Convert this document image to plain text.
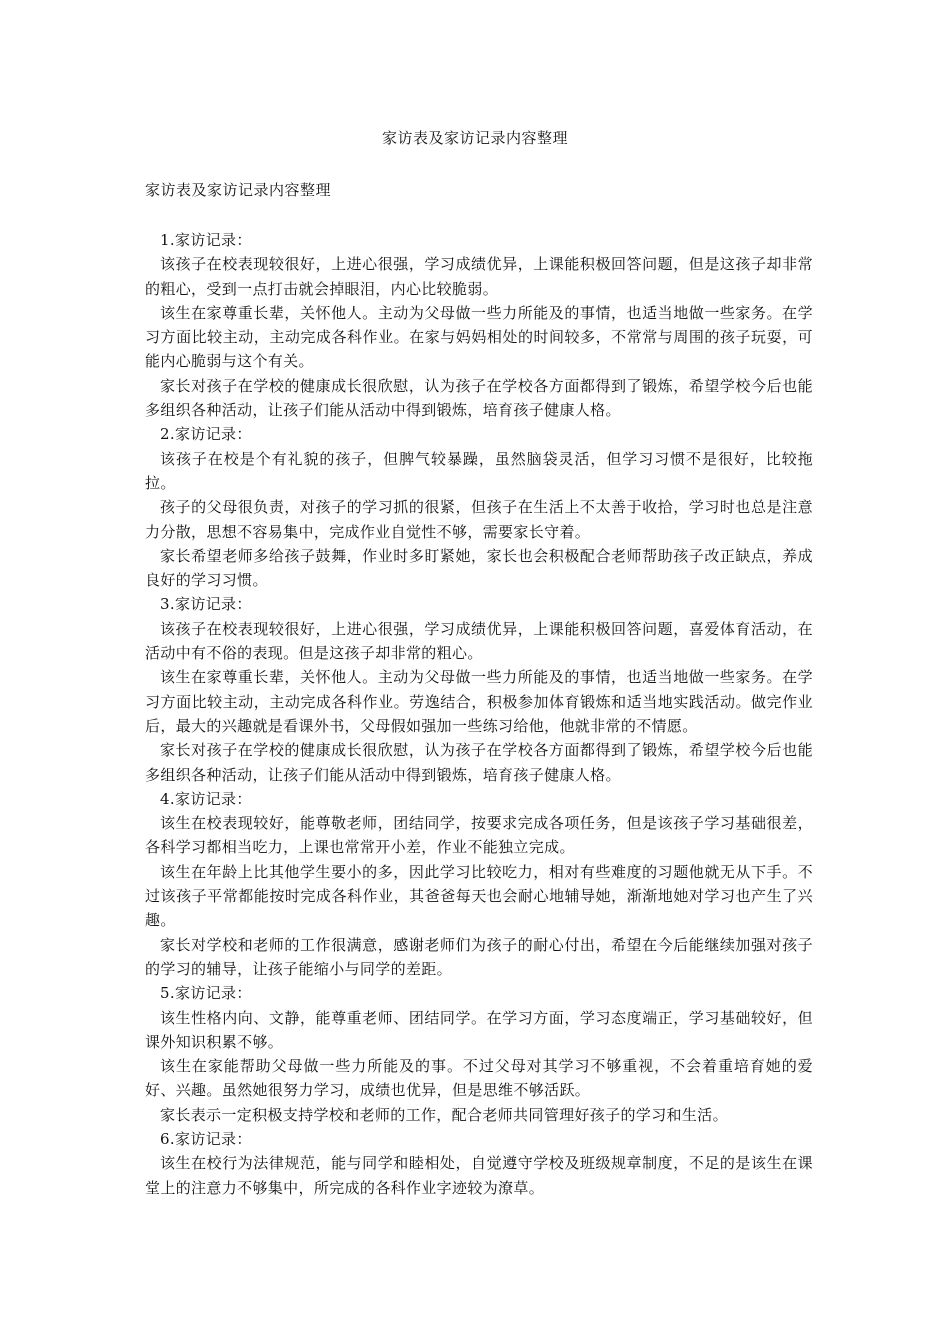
家访表及家访记录内容整理
家访表及家访记录内容整理

1.家访记录：

该孩子在校表现较很好，上进心很强，学习成绩优异，上课能积极回答问题，但是这孩子却非常的粗心，受到一点打击就会掉眼泪，内心比较脆弱。

该生在家尊重长辈，关怀他人。主动为父母做一些力所能及的事情，也适当地做一些家务。在学习方面比较主动，主动完成各科作业。在家与妈妈相处的时间较多，不常常与周围的孩子玩耍，可能内心脆弱与这个有关。

家长对孩子在学校的健康成长很欣慰，认为孩子在学校各方面都得到了锻炼，希望学校今后也能多组织各种活动，让孩子们能从活动中得到锻炼，培育孩子健康人格。

2.家访记录：

该孩子在校是个有礼貌的孩子，但脾气较暴躁，虽然脑袋灵活，但学习习惯不是很好，比较拖拉。

孩子的父母很负责，对孩子的学习抓的很紧，但孩子在生活上不太善于收拾，学习时也总是注意力分散，思想不容易集中，完成作业自觉性不够，需要家长守着。

家长希望老师多给孩子鼓舞，作业时多盯紧她，家长也会积极配合老师帮助孩子改正缺点，养成良好的学习习惯。

3.家访记录：

该孩子在校表现较很好，上进心很强，学习成绩优异，上课能积极回答问题，喜爱体育活动，在活动中有不俗的表现。但是这孩子却非常的粗心。

该生在家尊重长辈，关怀他人。主动为父母做一些力所能及的事情，也适当地做一些家务。在学习方面比较主动，主动完成各科作业。劳逸结合，积极参加体育锻炼和适当地实践活动。做完作业后，最大的兴趣就是看课外书，父母假如强加一些练习给他，他就非常的不情愿。

家长对孩子在学校的健康成长很欣慰，认为孩子在学校各方面都得到了锻炼，希望学校今后也能多组织各种活动，让孩子们能从活动中得到锻炼，培育孩子健康人格。

4.家访记录：

该生在校表现较好，能尊敬老师，团结同学，按要求完成各项任务，但是该孩子学习基础很差，各科学习都相当吃力，上课也常常开小差，作业不能独立完成。

该生在年龄上比其他学生要小的多，因此学习比较吃力，相对有些难度的习题他就无从下手。不过该孩子平常都能按时完成各科作业，其爸爸每天也会耐心地辅导她，渐渐地她对学习也产生了兴趣。

家长对学校和老师的工作很满意，感谢老师们为孩子的耐心付出，希望在今后能继续加强对孩子的学习的辅导，让孩子能缩小与同学的差距。

5.家访记录：

该生性格内向、文静，能尊重老师、团结同学。在学习方面，学习态度端正，学习基础较好，但课外知识积累不够。

该生在家能帮助父母做一些力所能及的事。不过父母对其学习不够重视，不会着重培育她的爱好、兴趣。虽然她很努力学习，成绩也优异，但是思维不够活跃。

家长表示一定积极支持学校和老师的工作，配合老师共同管理好孩子的学习和生活。

6.家访记录：

该生在校行为法律规范，能与同学和睦相处，自觉遵守学校及班级规章制度，不足的是该生在课堂上的注意力不够集中，所完成的各科作业字迹较为潦草。
